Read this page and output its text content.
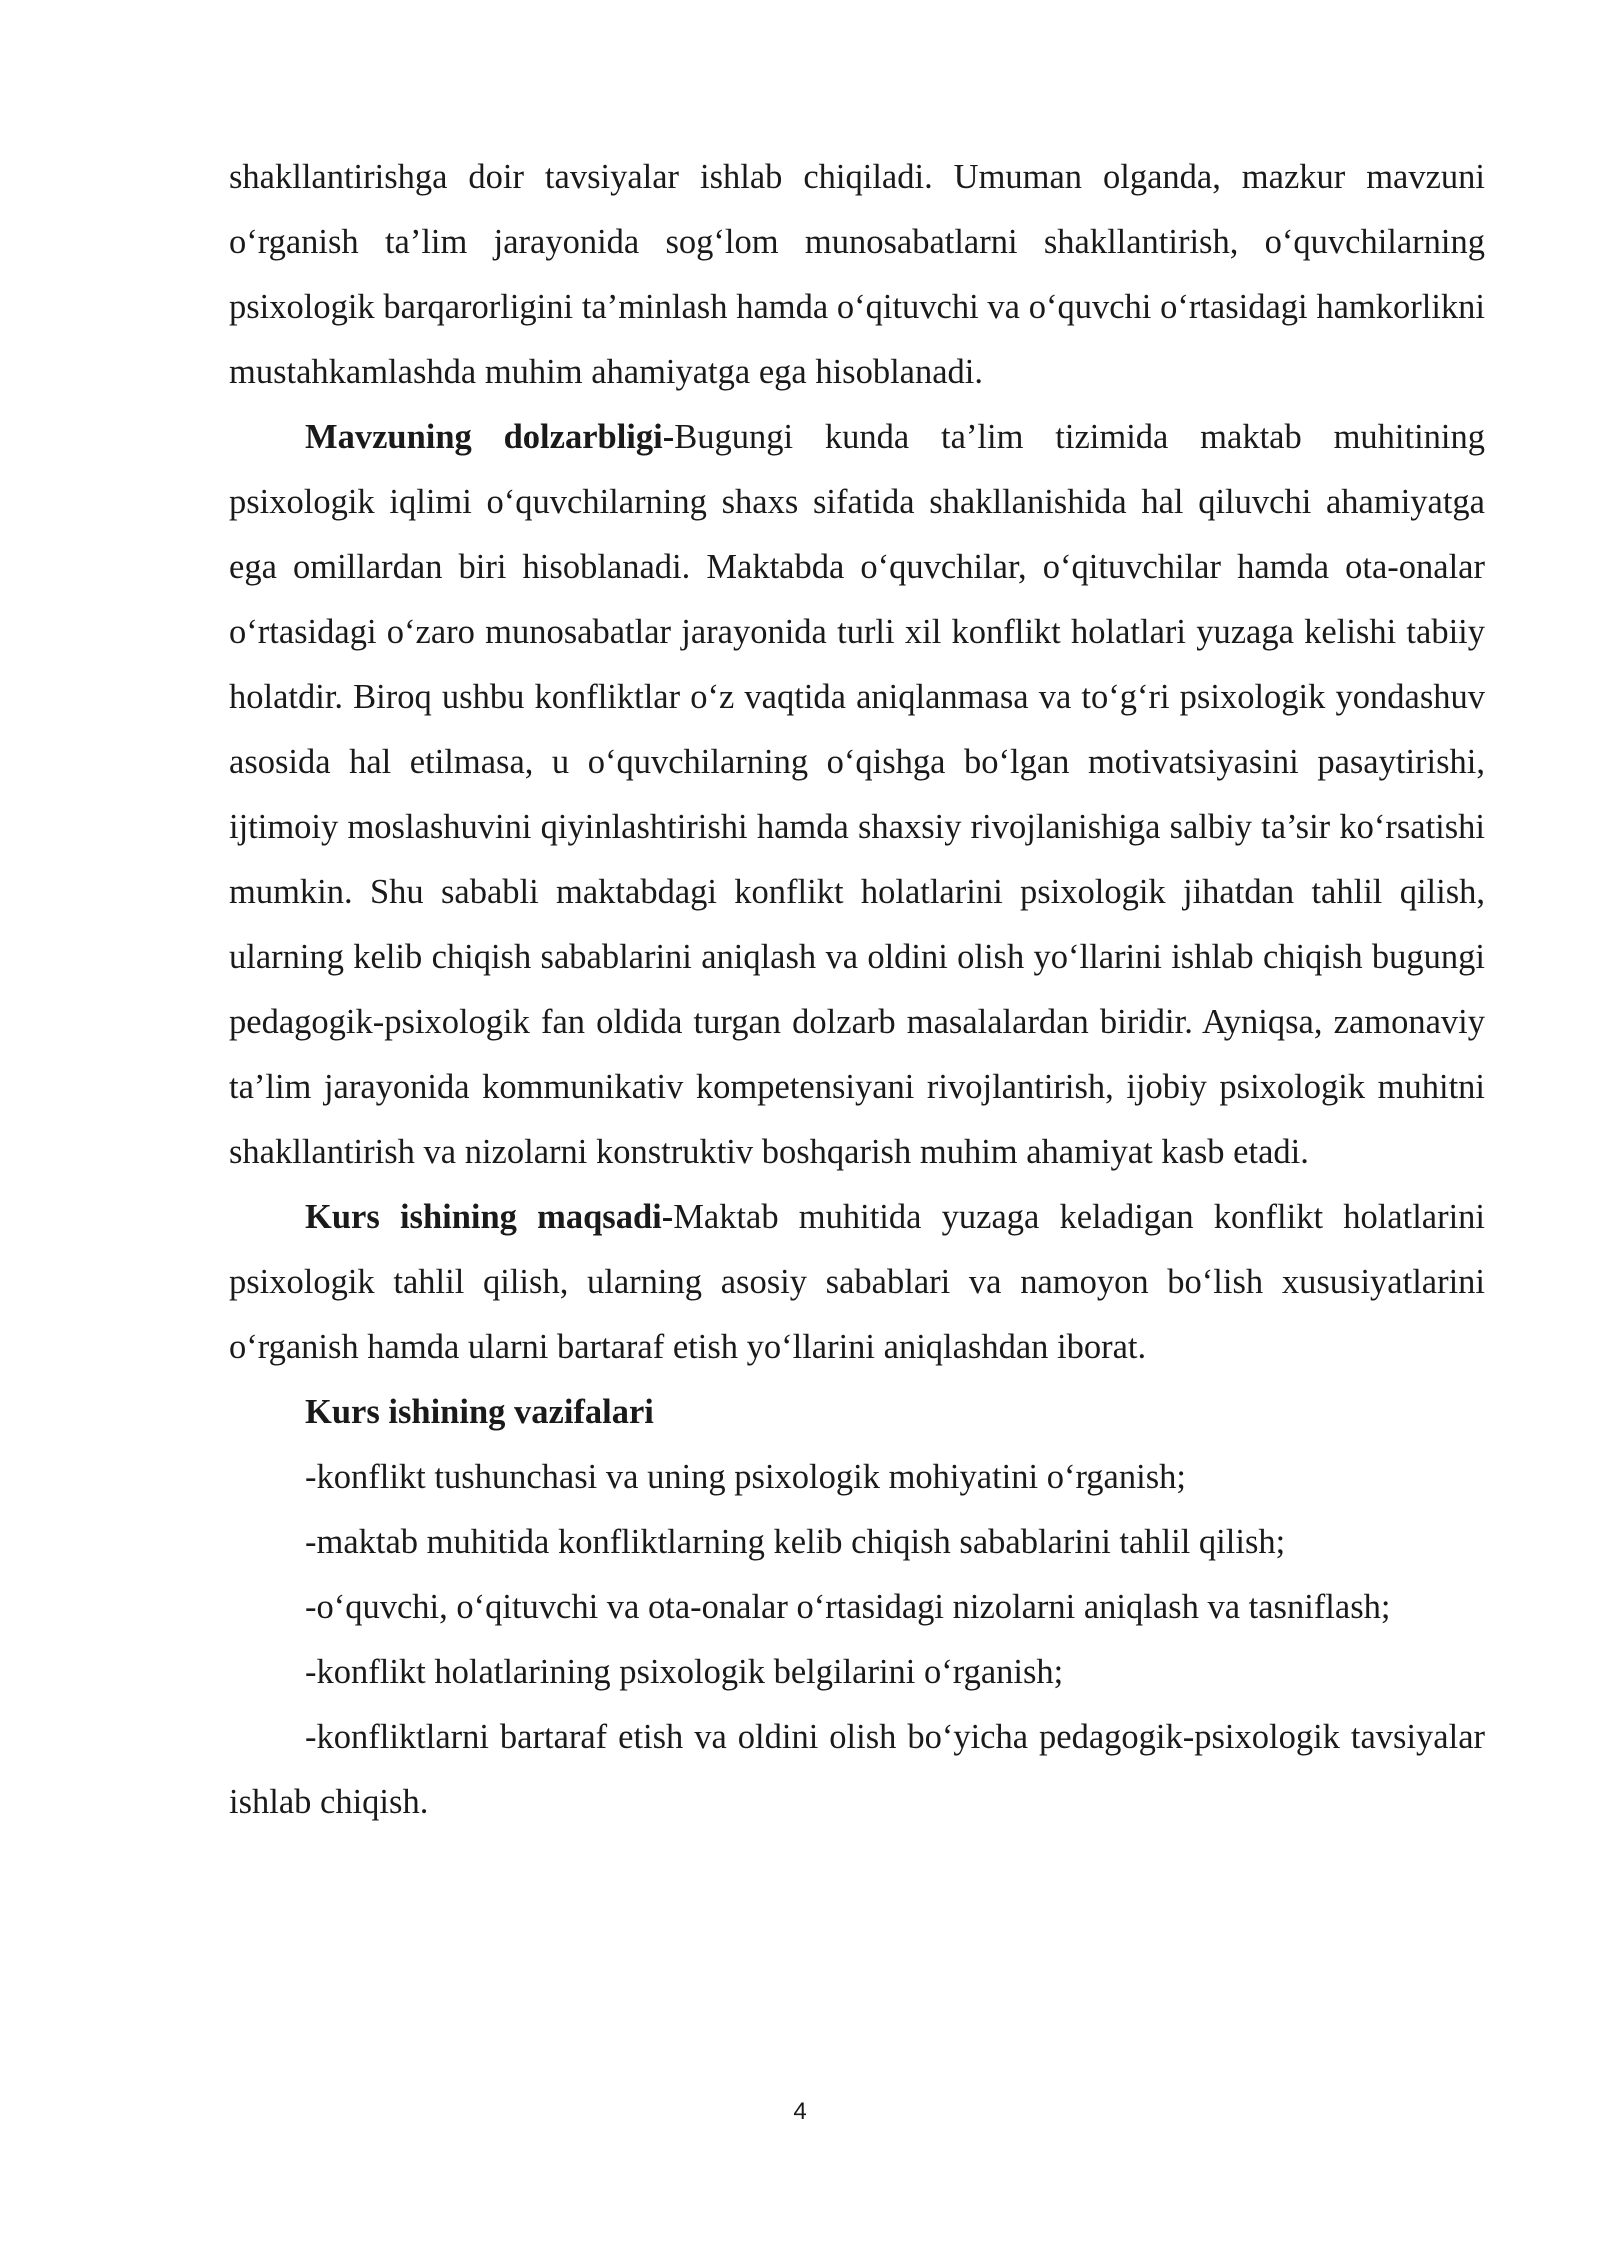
shakllantirishga doir tavsiyalar ishlab chiqiladi. Umuman olganda, mazkur mavzuni o‘rganish ta’lim jarayonida sog‘lom munosabatlarni shakllantirish, o‘quvchilarning psixologik barqarorligini ta’minlash hamda o‘qituvchi va o‘quvchi o‘rtasidagi hamkorlikni mustahkamlashda muhim ahamiyatga ega hisoblanadi.

Mavzuning dolzarbligi-Bugungi kunda ta’lim tizimida maktab muhitining psixologik iqlimi o‘quvchilarning shaxs sifatida shakllanishida hal qiluvchi ahamiyatga ega omillardan biri hisoblanadi. Maktabda o‘quvchilar, o‘qituvchilar hamda ota-onalar o‘rtasidagi o‘zaro munosabatlar jarayonida turli xil konflikt holatlari yuzaga kelishi tabiiy holatdir. Biroq ushbu konfliktlar o‘z vaqtida aniqlanmasa va to‘g‘ri psixologik yondashuv asosida hal etilmasa, u o‘quvchilarning o‘qishga bo‘lgan motivatsiyasini pasaytirishi, ijtimoiy moslashuvini qiyinlashtirishi hamda shaxsiy rivojlanishiga salbiy ta’sir ko‘rsatishi mumkin. Shu sababli maktabdagi konflikt holatlarini psixologik jihatdan tahlil qilish, ularning kelib chiqish sabablarini aniqlash va oldini olish yo‘llarini ishlab chiqish bugungi pedagogik-psixologik fan oldida turgan dolzarb masalalardan biridir. Ayniqsa, zamonaviy ta’lim jarayonida kommunikativ kompetensiyani rivojlantirish, ijobiy psixologik muhitni shakllantirish va nizolarni konstruktiv boshqarish muhim ahamiyat kasb etadi.

Kurs ishining maqsadi-Maktab muhitida yuzaga keladigan konflikt holatlarini psixologik tahlil qilish, ularning asosiy sabablari va namoyon bo‘lish xususiyatlarini o‘rganish hamda ularni bartaraf etish yo‘llarini aniqlashdan iborat.

Kurs ishining vazifalari

-konflikt tushunchasi va uning psixologik mohiyatini o‘rganish;

-maktab muhitida konfliktlarning kelib chiqish sabablarini tahlil qilish;

-o‘quvchi, o‘qituvchi va ota-onalar o‘rtasidagi nizolarni aniqlash va tasniflash;

-konflikt holatlarining psixologik belgilarini o‘rganish;

-konfliktlarni bartaraf etish va oldini olish bo‘yicha pedagogik-psixologik tavsiyalar ishlab chiqish.

4
